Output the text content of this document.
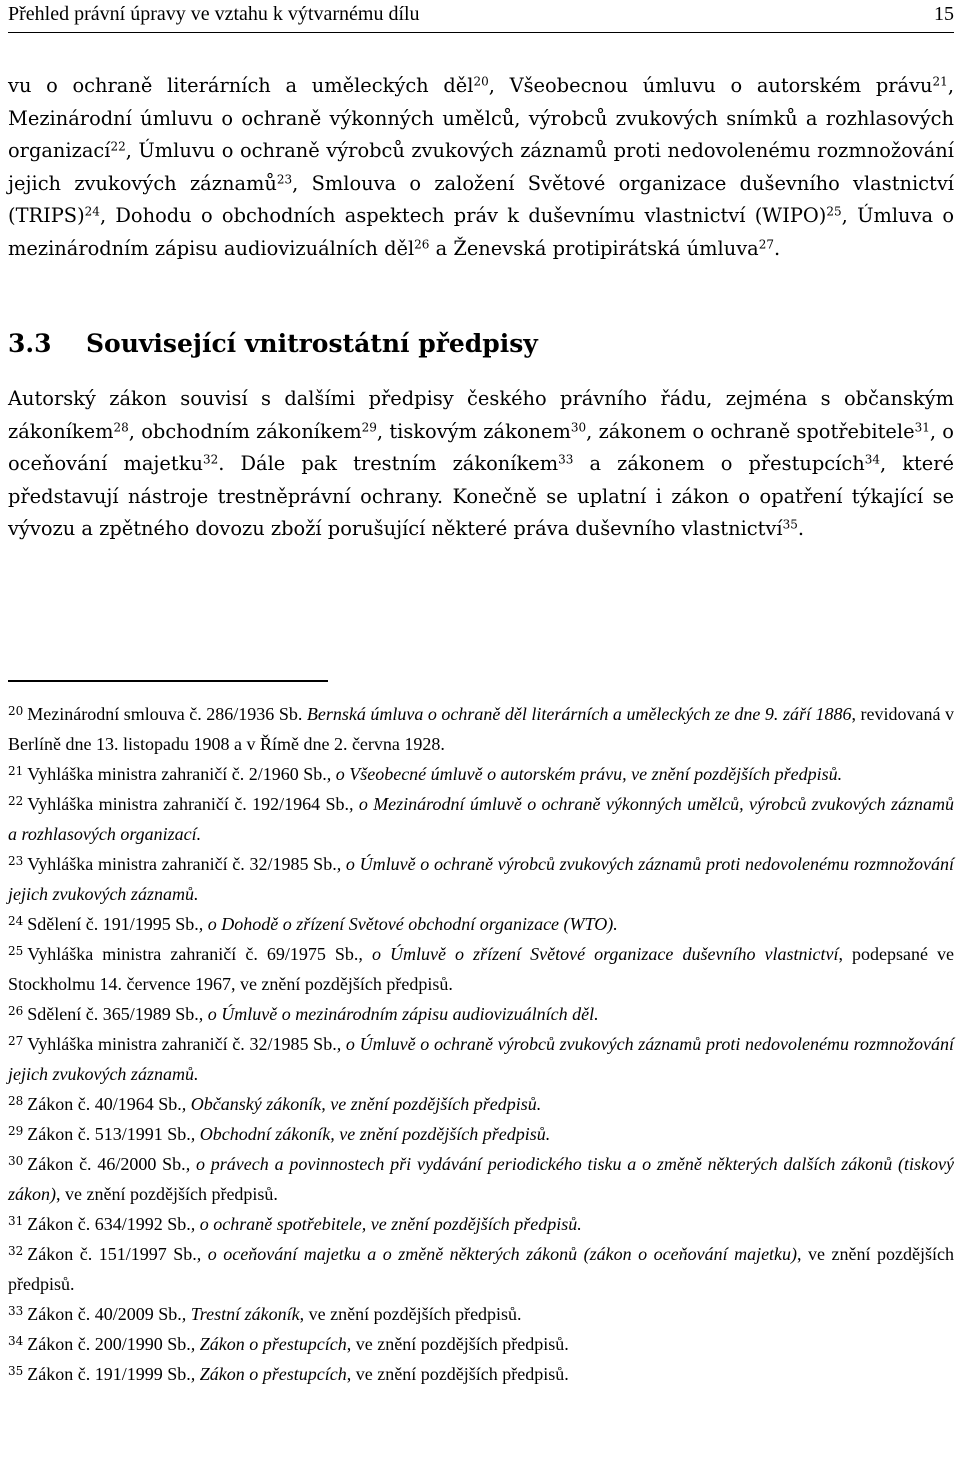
Přehled právní úpravy ve vztahu k výtvarnému dílu	15
vu o ochraně literárních a uměleckých děl$^{20}$, Všeobecnou úmluvu o autorském právu$^{21}$, Mezinárodní úmluvu o ochraně výkonných umělců, výrobců zvukových snímků a rozhlasových organizací$^{22}$, Úmluvu o ochraně výrobců zvukových záznamů proti nedovolenému rozmnožování jejich zvukových záznamů$^{23}$, Smlouva o založení Světové organizace duševního vlastnictví (TRIPS)$^{24}$, Dohodu o obchodních aspektech práv k duševnímu vlastnictví (WIPO)$^{25}$, Úmluva o mezinárodním zápisu audiovizuálních děl$^{26}$ a Ženevská protipirátská úmluva$^{27}$.
3.3 Související vnitrostátní předpisy
Autorský zákon souvisí s dalšími předpisy českého právního řádu, zejména s občanským zákoníkem$^{28}$, obchodním zákoníkem$^{29}$, tiskovým zákonem$^{30}$, zákonem o ochraně spotřebitele$^{31}$, o oceňování majetku$^{32}$. Dále pak trestním zákoníkem$^{33}$ a zákonem o přestupcích$^{34}$, které představují nástroje trestněprávní ochrany. Konečně se uplatní i zákon o opatření týkající se vývozu a zpětného dovozu zboží porušující některé práva duševního vlastnictví$^{35}$.
$^{20}$ Mezinárodní smlouva č. 286/1936 Sb. Bernská úmluva o ochraně děl literárních a uměleckých ze dne 9. září 1886, revidovaná v Berlíně dne 13. listopadu 1908 a v Římě dne 2. června 1928.
$^{21}$ Vyhláška ministra zahraničí č. 2/1960 Sb., o Všeobecné úmluvě o autorském právu, ve znění pozdějších předpisů.
$^{22}$ Vyhláška ministra zahraničí č. 192/1964 Sb., o Mezinárodní úmluvě o ochraně výkonných umělců, výrobců zvukových záznamů a rozhlasových organizací.
$^{23}$ Vyhláška ministra zahraničí č. 32/1985 Sb., o Úmluvě o ochraně výrobců zvukových záznamů proti nedovolenému rozmnožování jejich zvukových záznamů.
$^{24}$ Sdělení č. 191/1995 Sb., o Dohodě o zřízení Světové obchodní organizace (WTO).
$^{25}$ Vyhláška ministra zahraničí č. 69/1975 Sb., o Úmluvě o zřízení Světové organizace duševního vlastnictví, podepsané ve Stockholmu 14. července 1967, ve znění pozdějších předpisů.
$^{26}$ Sdělení č. 365/1989 Sb., o Úmluvě o mezinárodním zápisu audiovizuálních děl.
$^{27}$ Vyhláška ministra zahraničí č. 32/1985 Sb., o Úmluvě o ochraně výrobců zvukových záznamů proti nedovolenému rozmnožování jejich zvukových záznamů.
$^{28}$ Zákon č. 40/1964 Sb., Občanský zákoník, ve znění pozdějších předpisů.
$^{29}$ Zákon č. 513/1991 Sb., Obchodní zákoník, ve znění pozdějších předpisů.
$^{30}$ Zákon č. 46/2000 Sb., o právech a povinnostech při vydávání periodického tisku a o změně některých dalších zákonů (tiskový zákon), ve znění pozdějších předpisů.
$^{31}$ Zákon č. 634/1992 Sb., o ochraně spotřebitele, ve znění pozdějších předpisů.
$^{32}$ Zákon č. 151/1997 Sb., o oceňování majetku a o změně některých zákonů (zákon o oceňování majetku), ve znění pozdějších předpisů.
$^{33}$ Zákon č. 40/2009 Sb., Trestní zákoník, ve znění pozdějších předpisů.
$^{34}$ Zákon č. 200/1990 Sb., Zákon o přestupcích, ve znění pozdějších předpisů.
$^{35}$ Zákon č. 191/1999 Sb., Zákon o přestupcích, ve znění pozdějších předpisů.
